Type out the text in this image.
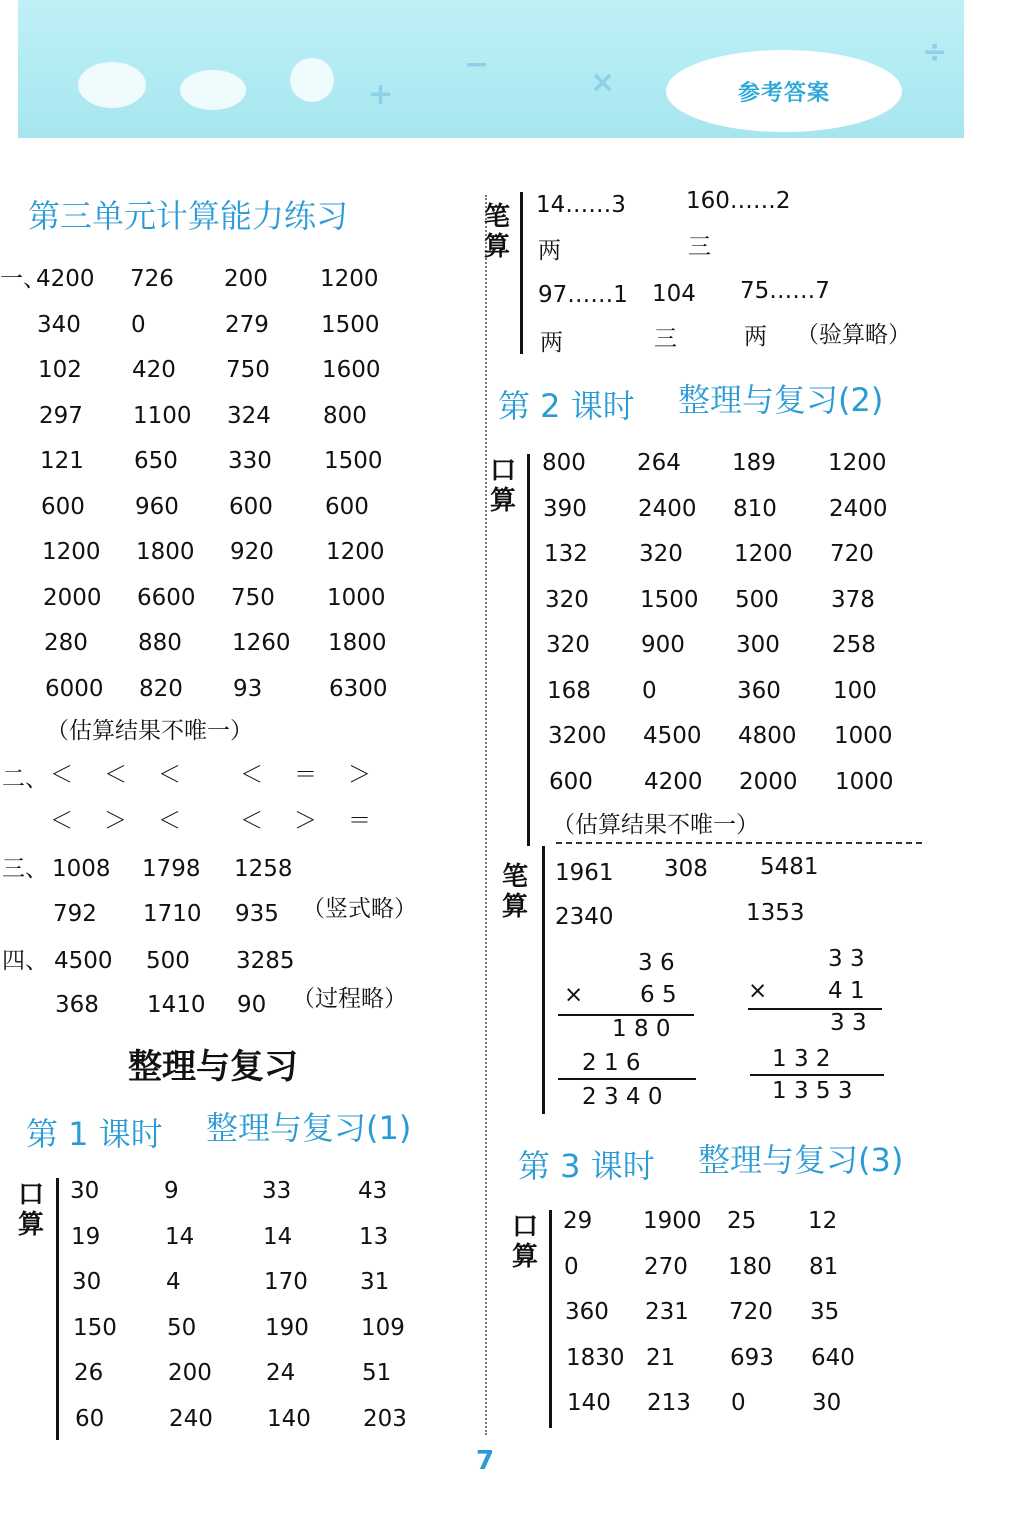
+
−
×
÷
参考答案
第三单元计算能力练习
一、
4200 726 200 1200
340 0	279 1500
102 420 750 1600
297 1100 324 800
121 650 330 1500
600 960 600 600
1200 1800 920 1200
2000 6600 750 1000
280 880 1260 1800
6000 820 93	6300
（估算结果不唯一）
二、 ＜ ＜ ＜	＜ ＝ ＞
＜ ＞ ＜	＜ ＞ ＝
三、 1008 1798 1258
792 1710 935 （竖式略）
四、 4500 500 3285
368 1410 90 （过程略）
整理与复习
第 1 课时 整理与复习(1)
口算
30	9	33	43
19	14	14	13
30	4	170 31
150 50	190 109
26	200 24	51
60	240 140 203
笔算
14……3	160……2
两	三
97……1 104 75……7
两	三	两 （验算略）
第 2 课时 整理与复习(2)
口算
800 264 189 1200
390 2400 810 2400
132 320 1200 720
320 1500 500 378
320 900 300 258
168 0	360 100
3200 4500 4800 1000
600 4200 2000 1000
（估算结果不唯一）
笔算
1961 308 5481
2340	1353
3 6
× 6 5
1 8 0
2 1 6
2 3 4 0
3 3
×	4 1
3 3
1 3 2
1 3 5 3
第 3 课时 整理与复习(3)
口算
29 1900 25 12
0	270 180 81
360 231 720 35
1830 21 693 640
140 213 0	30
7
